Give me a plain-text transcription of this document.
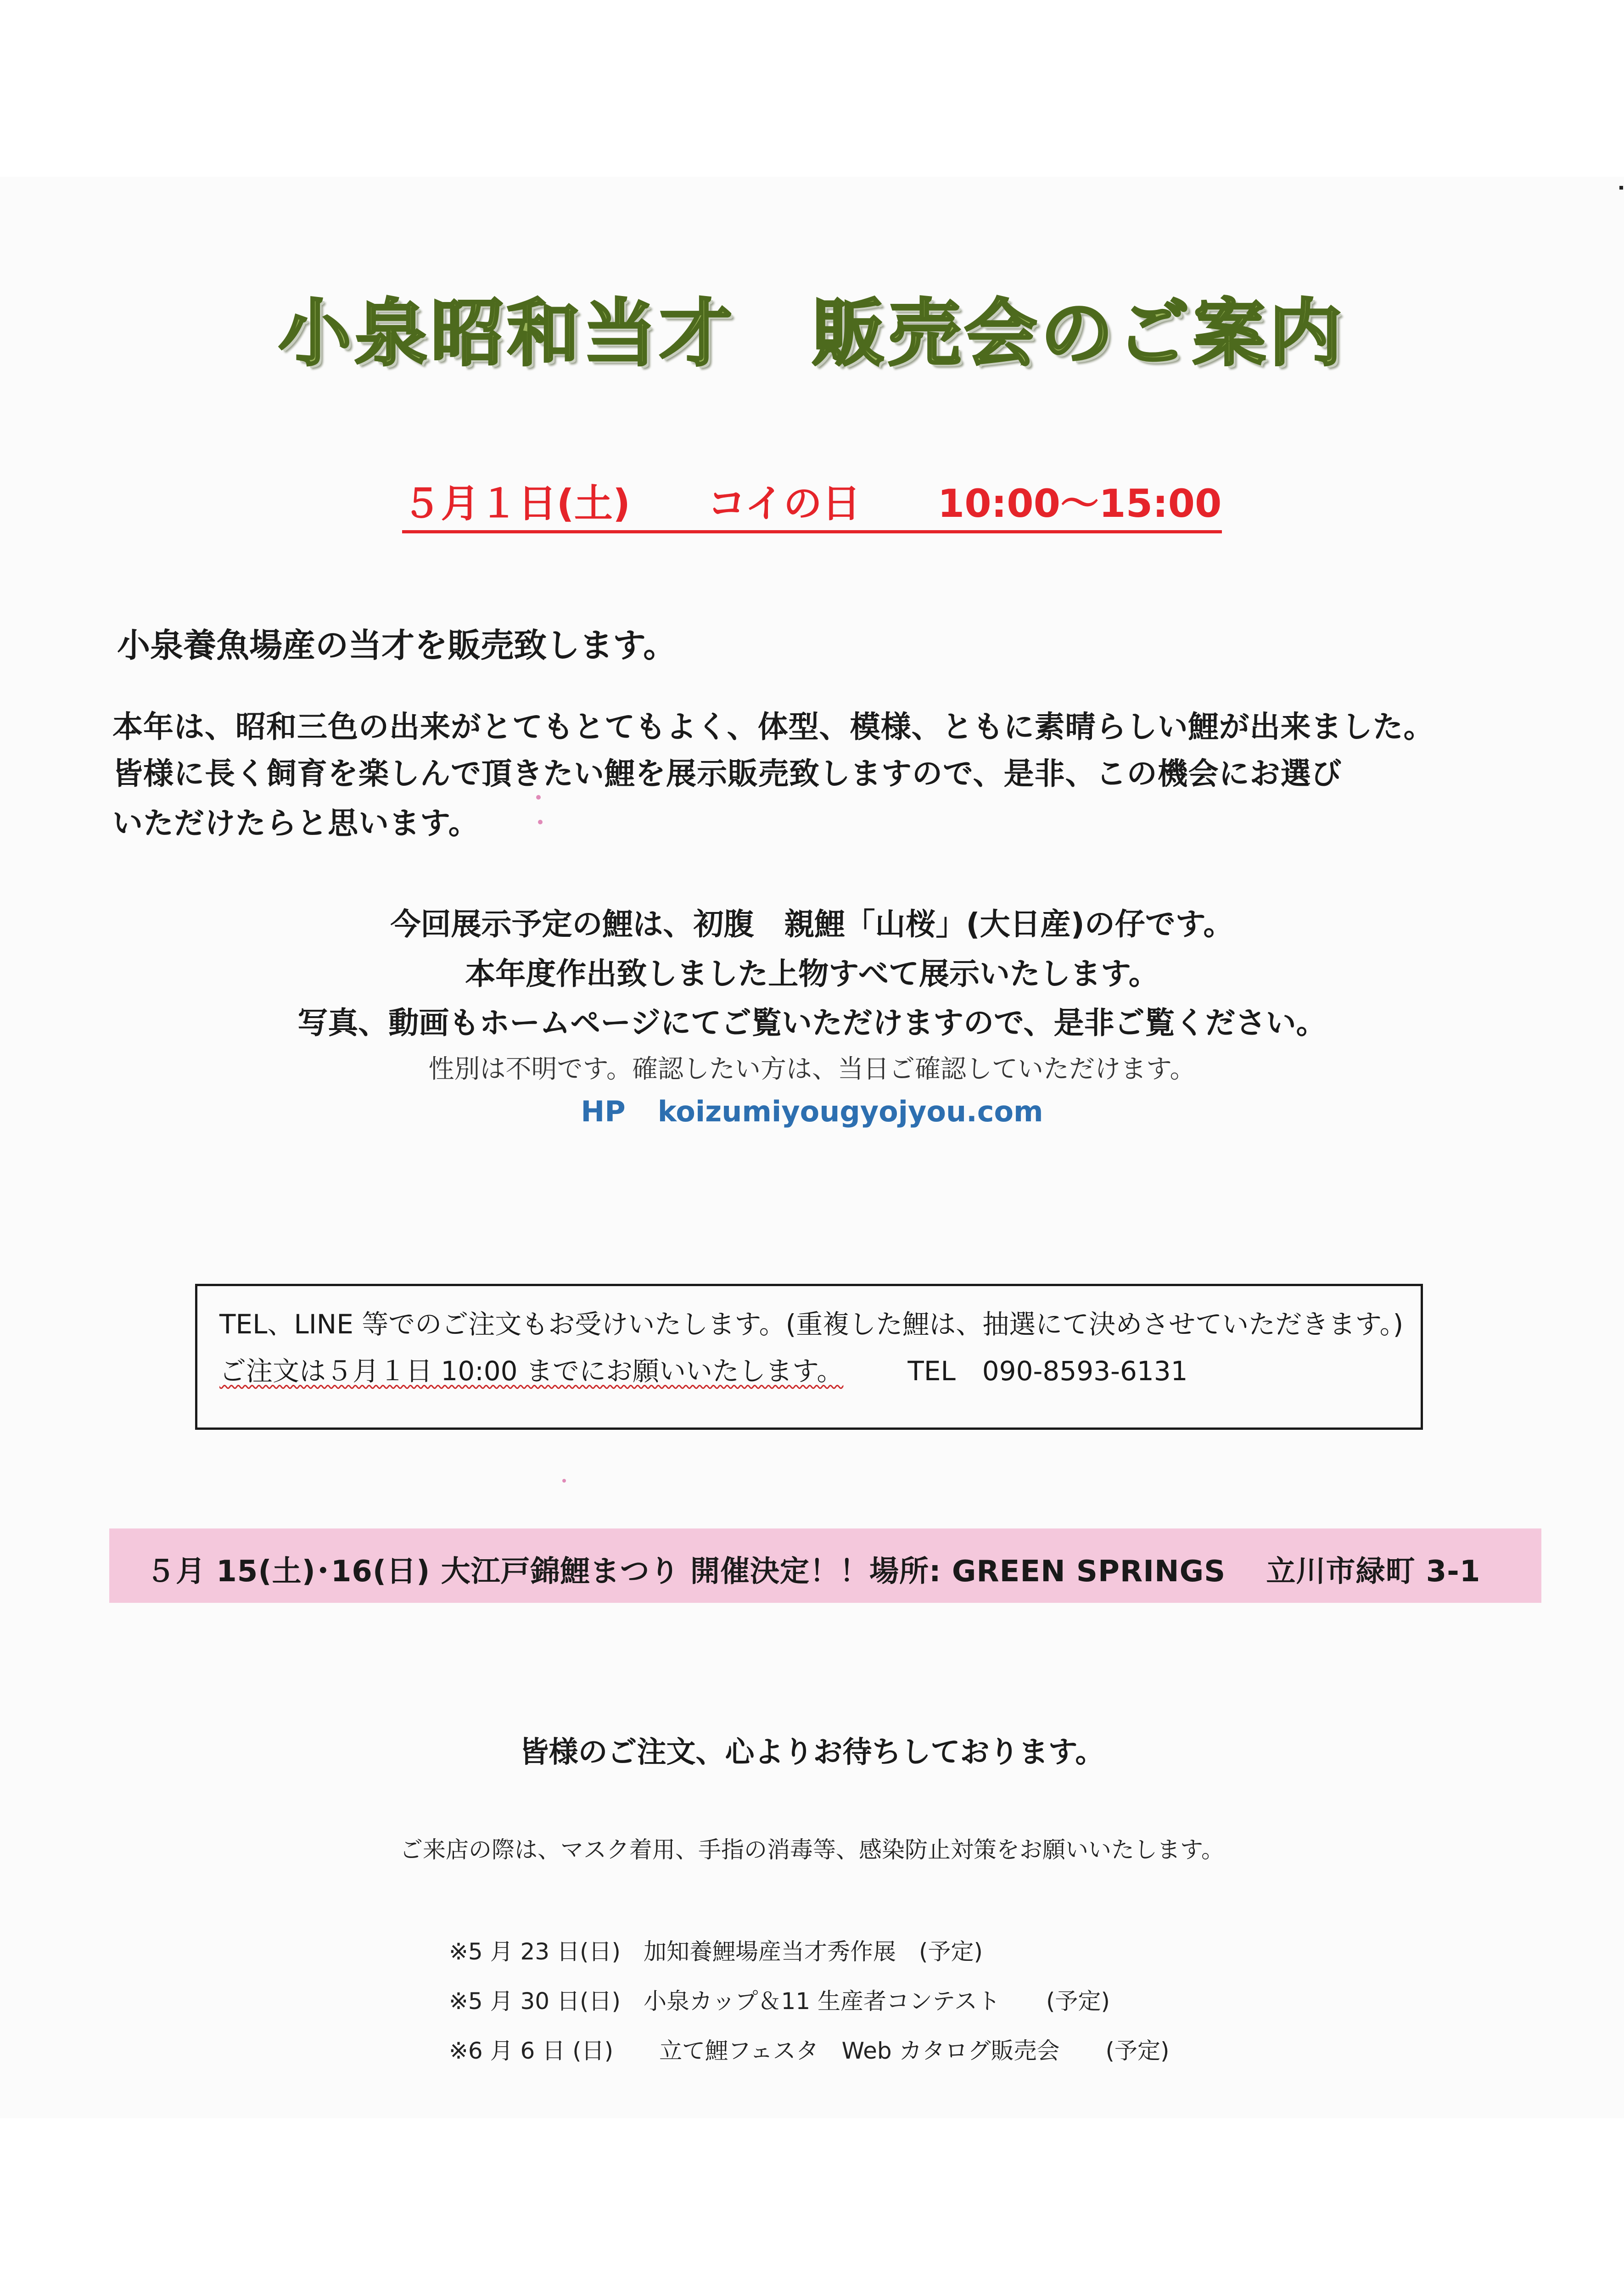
小泉昭和当才　販売会のご案内
５月１日(土)　　コイの日　　10:00～15:00
小泉養魚場産の当才を販売致します。
本年は、昭和三色の出来がとてもとてもよく、体型、模様、ともに素晴らしい鯉が出来ました。
皆様に長く飼育を楽しんで頂きたい鯉を展示販売致しますので、是非、この機会にお選び
いただけたらと思います。
今回展示予定の鯉は、初腹　親鯉「山桜」(大日産)の仔です。
本年度作出致しました上物すべて展示いたします。
写真、動画もホームページにてご覧いただけますので、是非ご覧ください。
性別は不明です。確認したい方は、当日ご確認していただけます。
HP koizumiyougyojyou.com
TEL、LINE 等でのご注文もお受けいたします。(重複した鯉は、抽選にて決めさせていただきます。)
ご注文は５月１日 10:00 までにお願いいたします。 TEL　090-8593-6131
５月 15(土)･16(日) 大江戸錦鯉まつり 開催決定！！場所: GREEN SPRINGS　 立川市緑町 3-1
皆様のご注文、心よりお待ちしております。
ご来店の際は、マスク着用、手指の消毒等、感染防止対策をお願いいたします。
※5 月 23 日(日)　加知養鯉場産当才秀作展　(予定)
※5 月 30 日(日)　小泉カップ＆11 生産者コンテスト　　(予定)
※6 月 6 日 (日)　　立て鯉フェスタ　Web カタログ販売会　　(予定)
